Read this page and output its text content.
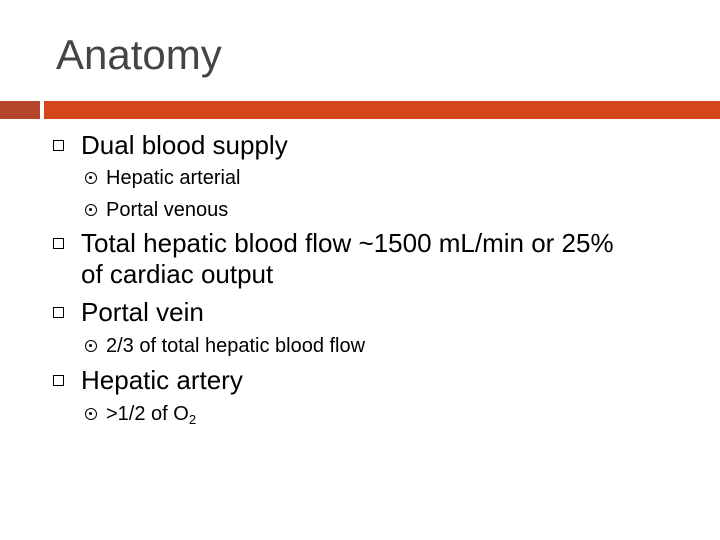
Anatomy
Dual blood supply
Hepatic arterial
Portal venous
Total hepatic blood flow ~1500 mL/min or 25%
of cardiac output
Portal vein
2/3 of total hepatic blood flow
Hepatic artery
>1/2 of $O_2$
